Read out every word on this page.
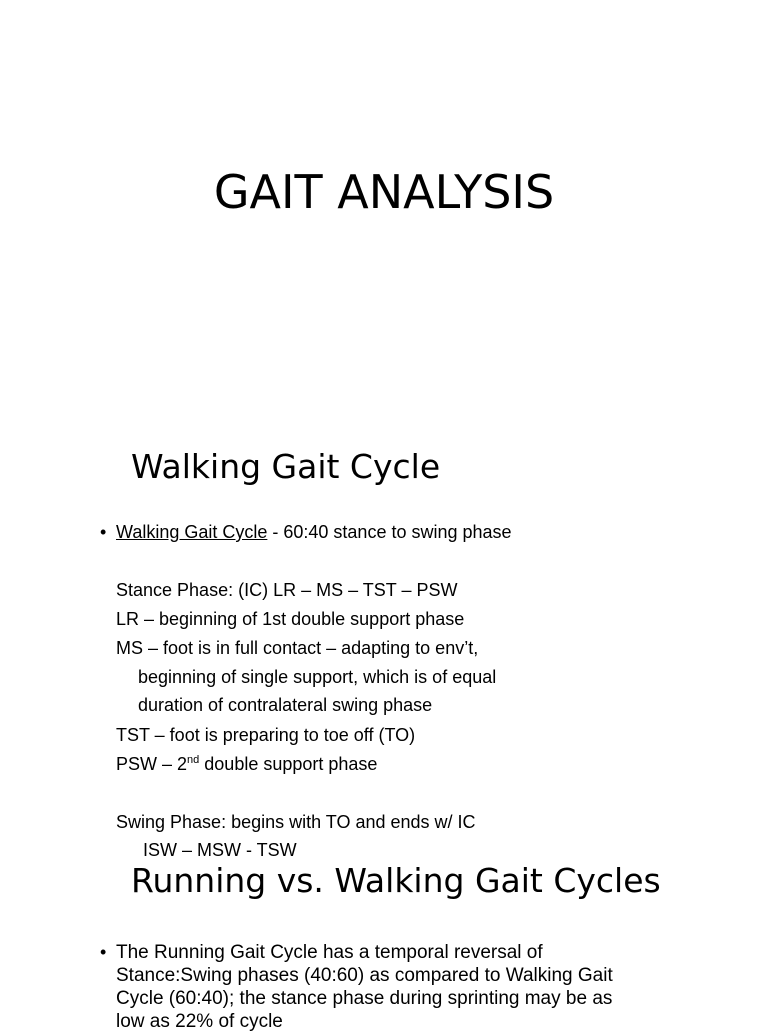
GAIT ANALYSIS
Walking Gait Cycle
• Walking Gait Cycle - 60:40 stance to swing phase
Stance Phase: (IC) LR – MS – TST – PSW
LR – beginning of 1st double support phase
MS – foot is in full contact – adapting to env’t,
beginning of single support, which is of equal
duration of contralateral swing phase
TST – foot is preparing to toe off (TO)
PSW – 2nd double support phase
Swing Phase: begins with TO and ends w/ IC
ISW – MSW - TSW
Running vs. Walking Gait Cycles
• The Running Gait Cycle has a temporal reversal of Stance:Swing phases (40:60) as compared to Walking Gait Cycle (60:40); the stance phase during sprinting may be as low as 22% of cycle
